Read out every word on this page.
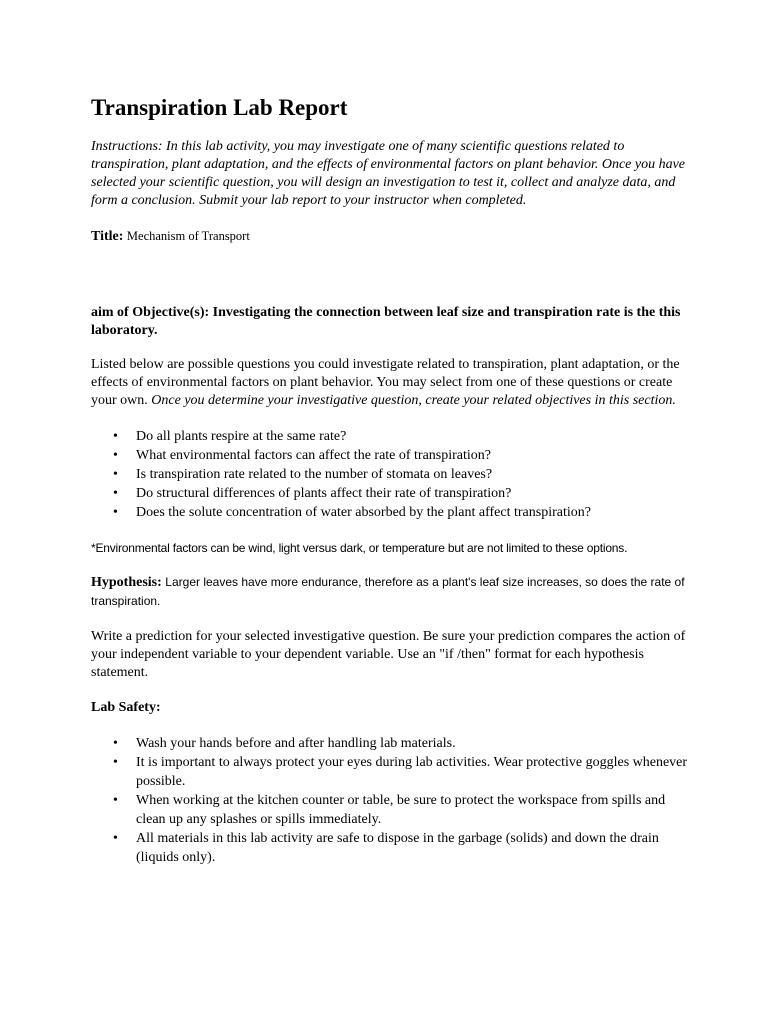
Transpiration Lab Report

Instructions: In this lab activity, you may investigate one of many scientific questions related to transpiration, plant adaptation, and the effects of environmental factors on plant behavior. Once you have selected your scientific question, you will design an investigation to test it, collect and analyze data, and form a conclusion. Submit your lab report to your instructor when completed.

Title: Mechanism of Transport

aim of Objective(s): Investigating the connection between leaf size and transpiration rate is the this laboratory.

Listed below are possible questions you could investigate related to transpiration, plant adaptation, or the effects of environmental factors on plant behavior. You may select from one of these questions or create your own. Once you determine your investigative question, create your related objectives in this section.

• Do all plants respire at the same rate?
• What environmental factors can affect the rate of transpiration?
• Is transpiration rate related to the number of stomata on leaves?
• Do structural differences of plants affect their rate of transpiration?
• Does the solute concentration of water absorbed by the plant affect transpiration?

*Environmental factors can be wind, light versus dark, or temperature but are not limited to these options.

Hypothesis: Larger leaves have more endurance, therefore as a plant's leaf size increases, so does the rate of transpiration.

Write a prediction for your selected investigative question. Be sure your prediction compares the action of your independent variable to your dependent variable. Use an "if /then" format for each hypothesis statement.

Lab Safety:

• Wash your hands before and after handling lab materials.
• It is important to always protect your eyes during lab activities. Wear protective goggles whenever possible.
• When working at the kitchen counter or table, be sure to protect the workspace from spills and clean up any splashes or spills immediately.
• All materials in this lab activity are safe to dispose in the garbage (solids) and down the drain (liquids only).
